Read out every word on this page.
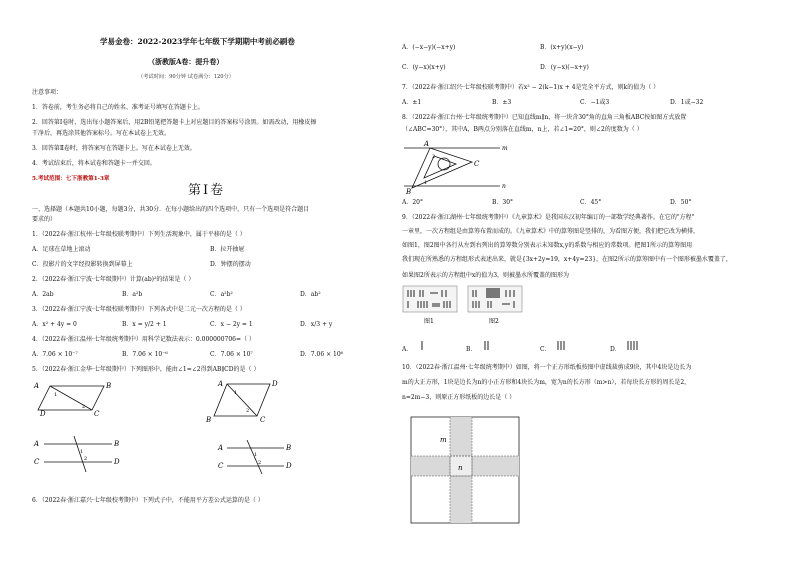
学易金卷：2022-2023学年七年级下学期期中考前必刷卷
（浙教版A卷：提升卷）
（考试时间：90分钟 试卷满分：120分）
注意事项：
1．答卷前，考生务必将自己的姓名、准考证号填写在答题卡上。
2．回答第Ⅰ卷时，选出每小题答案后，用2B铅笔把答题卡上对应题目的答案标号涂黑。如需改动，用橡皮擦
干净后，再选涂其他答案标号。写在本试卷上无效。
3．回答第Ⅱ卷时，将答案写在答题卡上。写在本试卷上无效。
4．考试结束后，将本试卷和答题卡一并交回。
5.考试范围：七下浙教第1-3章
第Ⅰ卷
一、选择题（本题共10小题，每题3分，共30分．在每小题给出的四个选项中，只有一个选项是符合题目
要求的）
1．（2022春·浙江杭州·七年级校联考期中）下列生活现象中，属于平移的是（ ）
A．足球在草地上滚动	B．拉开抽屉
C．投影片的文字经投影转换到屏幕上	D．钟摆的摆动
2．（2022春·浙江宁波·七年级期中）计算(ab)²的结果是（ ）
A．2ab	B．a²b	C．a²b²	D．ab²
3．（2022春·浙江宁波·七年级校联考期中）下列各式中是二元一次方程的是（ ）
A．x² + 4y = 0	B．x = y/2 + 1	C．x − 2y = 1	D．x/3 + y
4．（2022春·浙江温州·七年级统考期中）用科学记数法表示：0.000000706=（ ）
A．7.06 × 10⁻⁷	B．7.06 × 10⁻⁶	C．7.06 × 10⁷	D．7.06 × 10⁶
5．（2022春·浙江金华·七年级期中）下列图形中，能由∠1=∠2得到AB∥CD的是（ ）
A	B
C
D
1
2
A	D
B	C
1
2
A	B
C	D
1
2
A	B
C	D
1
2
6．（2022春·浙江嘉兴·七年级校考期中）下列式子中，不能用平方差公式运算的是（ ）
A．(−x−y)(−x+y)	B．(x+y)(x−y)
C．(y−x)(x+y)	D．(y−x)(−x+y)
7．（2022春·浙江绍兴·七年级校联考期中）若x² − 2(k−1)x + 4是完全平方式，则k的值为（ ）
A．±1	B．±3	C．−1或3	D．1或−32
8．（2022春·浙江台州·七年级统考期中）已知直线m∥n，将一块含30°角的直角三角板ABC按如图方式放置
（∠ABC=30°），其中A，B两点分别落在直线m，n上，若∠1=20°，则∠2的度数为（ ）
A
B
C
m
n
2
1
A．20°	B．30°	C．45°	D．50°
9．（2022春·浙江湖州·七年级统考期中）《九章算术》是我国东汉初年编订的一部数学经典著作。在它的"方程"
一章里，一次方程组是由算筹布置而成的。《九章算术》中的算筹图是竖排的，为看图方便，我们把它改为横排，
如图1，图2图中各行从左到右列出的算筹数分别表示未知数x,y的系数与相应的常数项。把图1所示的算筹图用
我们现在所熟悉的方程组形式表述出来，就是{3x+2y=19，x+4y=23}，在图2所示的算筹图中有一个图形被墨水覆盖了，
如果图2所表示的方程组中x的值为3，则被墨水所覆盖的图形为
图1	图2
A．	B．	C．	D．
10．（2022春·浙江温州·七年级统考期中）如图，将一个正方形纸板按图中虚线裁剪成9块，其中4块是边长为
m的大正方形，1块是边长为n的小正方形和4块长为m，宽为n的长方形（m>n），若每块长方形的周长是2，
n=2m−3，则原正方形纸板的边长是（ ）
m
n
